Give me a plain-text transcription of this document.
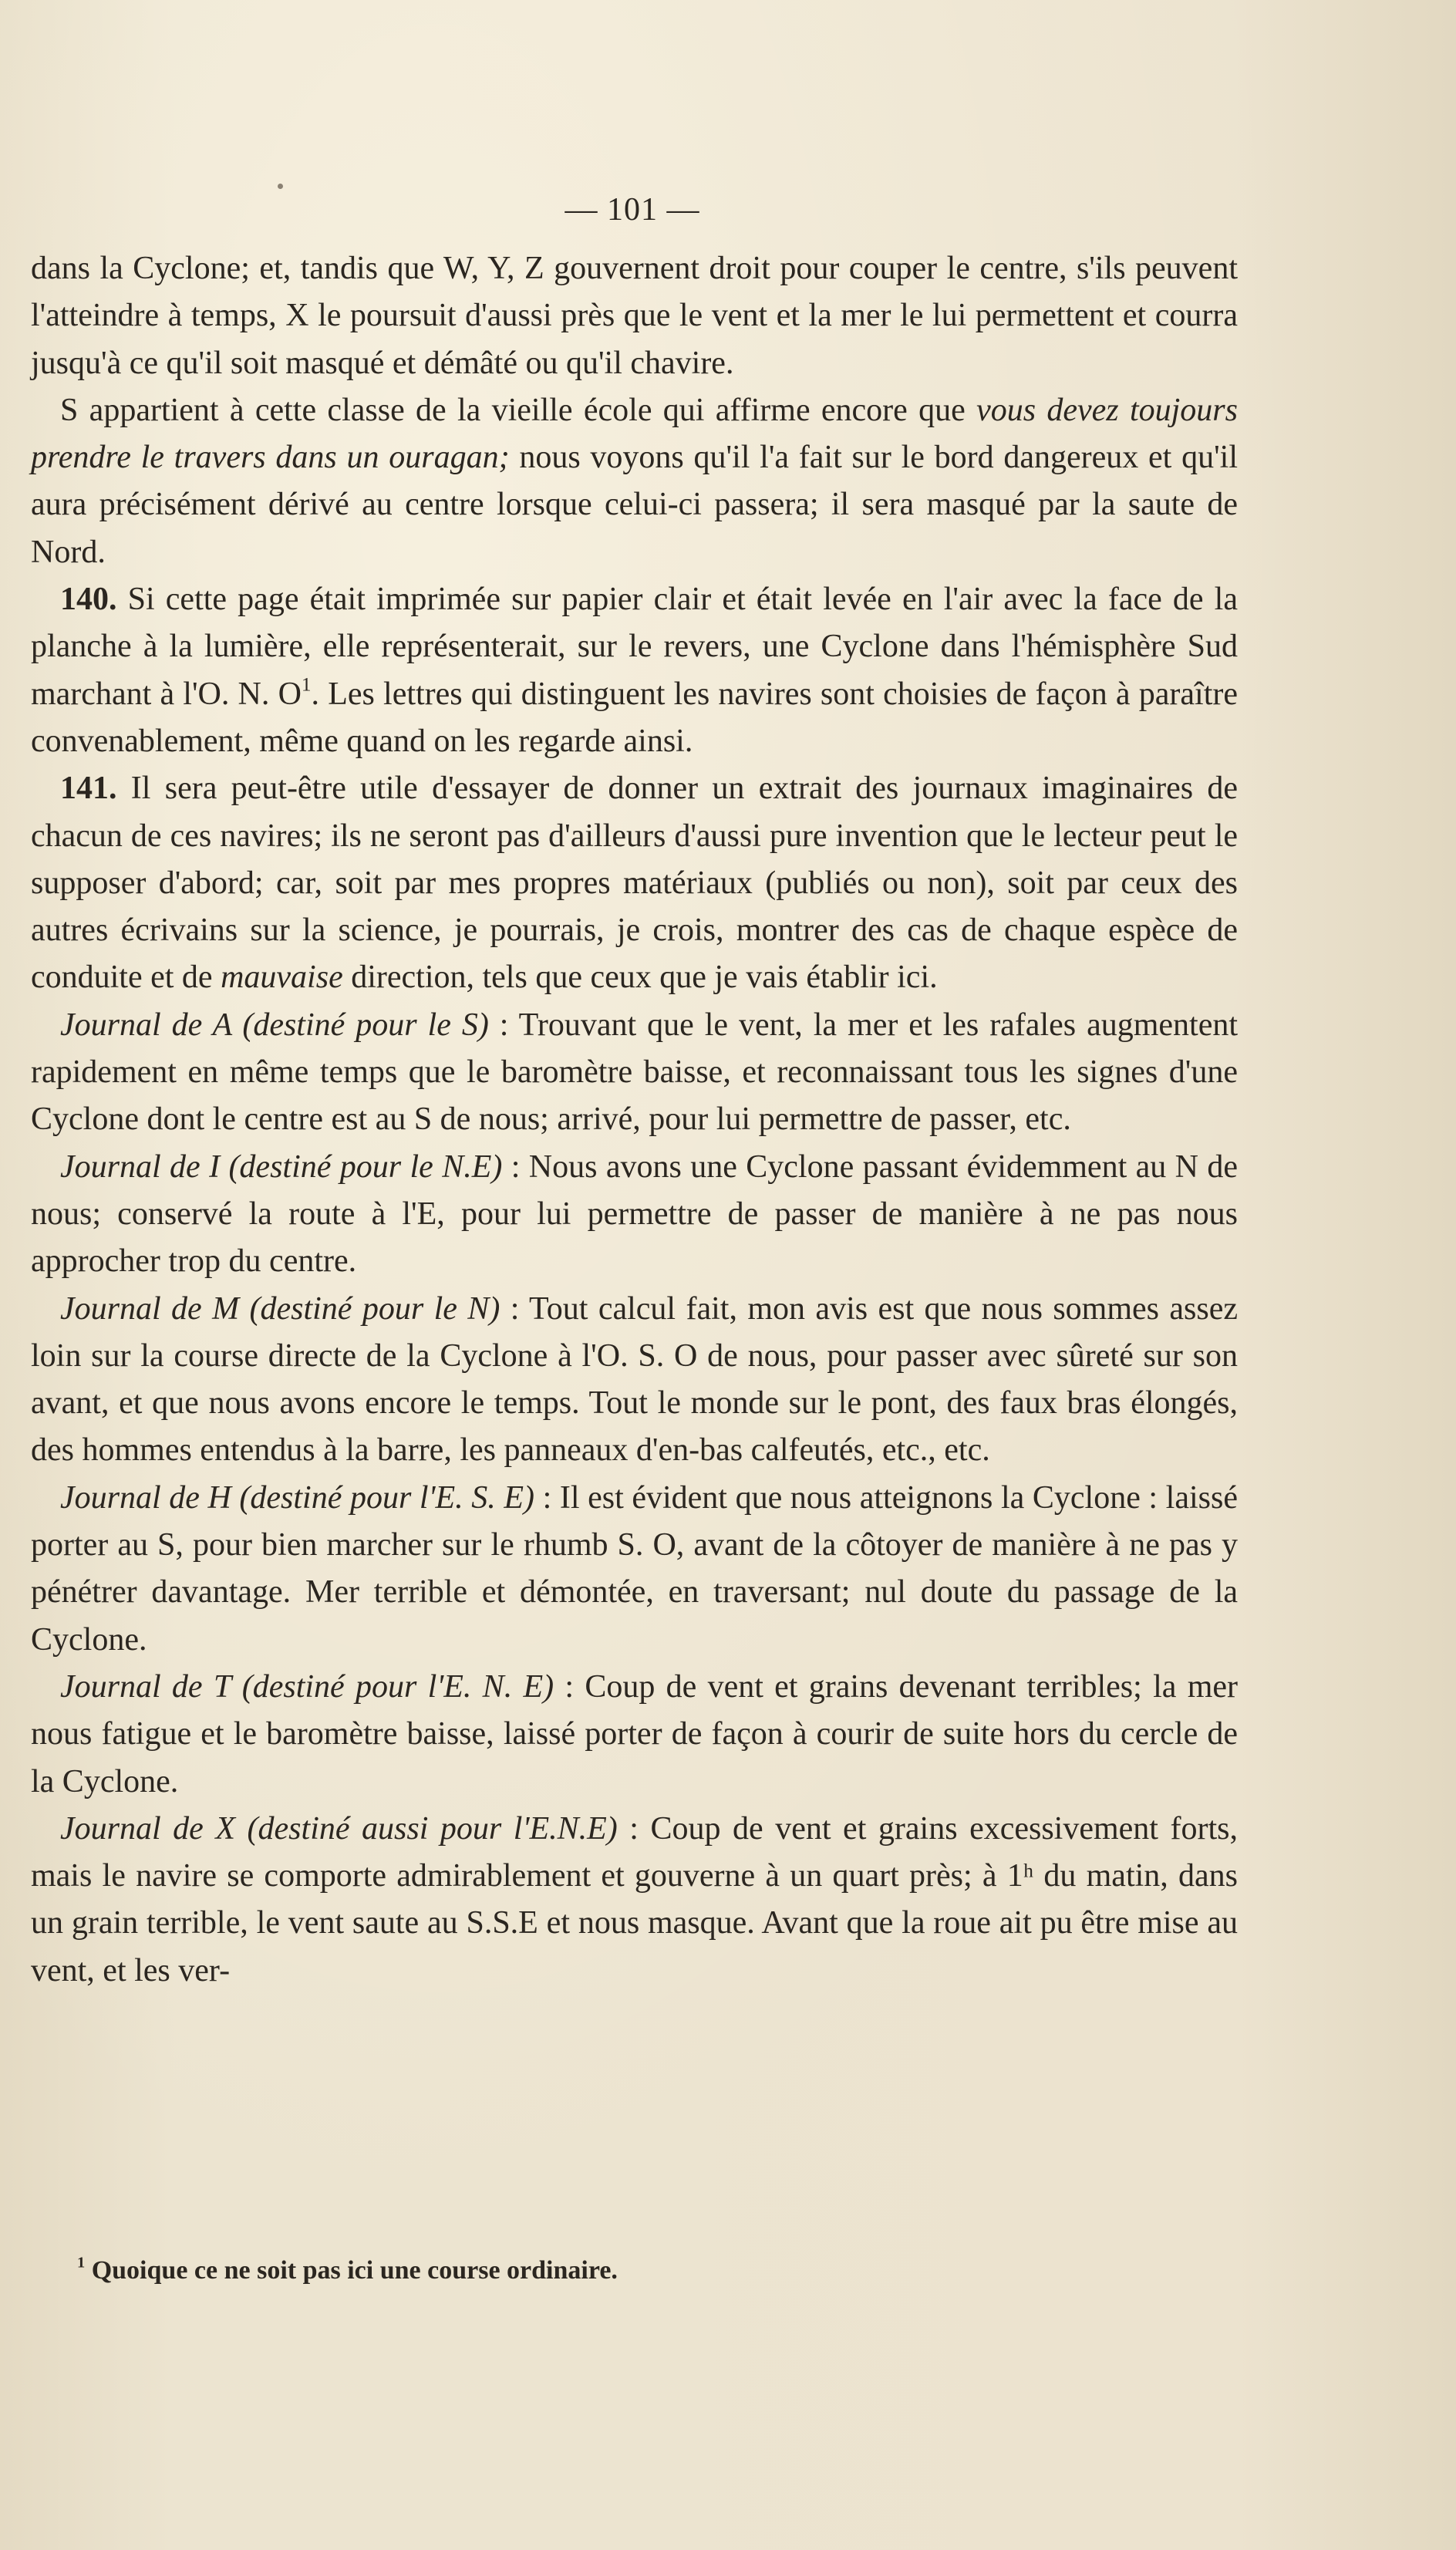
— 101 —

dans la Cyclone; et, tandis que W, Y, Z gouvernent droit pour couper le centre, s'ils peuvent l'atteindre à temps, X le poursuit d'aussi près que le vent et la mer le lui permettent et courra jusqu'à ce qu'il soit masqué et démâté ou qu'il chavire.

S appartient à cette classe de la vieille école qui affirme encore que vous devez toujours prendre le travers dans un ouragan; nous voyons qu'il l'a fait sur le bord dangereux et qu'il aura précisément dérivé au centre lorsque celui-ci passera; il sera masqué par la saute de Nord.

140. Si cette page était imprimée sur papier clair et était levée en l'air avec la face de la planche à la lumière, elle représenterait, sur le revers, une Cyclone dans l'hémisphère Sud marchant à l'O. N. $O^1$. Les lettres qui distinguent les navires sont choisies de façon à paraître convenablement, même quand on les regarde ainsi.

141. Il sera peut-être utile d'essayer de donner un extrait des journaux imaginaires de chacun de ces navires; ils ne seront pas d'ailleurs d'aussi pure invention que le lecteur peut le supposer d'abord; car, soit par mes propres matériaux (publiés ou non), soit par ceux des autres écrivains sur la science, je pourrais, je crois, montrer des cas de chaque espèce de conduite et de mauvaise direction, tels que ceux que je vais établir ici.

Journal de A (destiné pour le S) : Trouvant que le vent, la mer et les rafales augmentent rapidement en même temps que le baromètre baisse, et reconnaissant tous les signes d'une Cyclone dont le centre est au S de nous; arrivé, pour lui permettre de passer, etc.

Journal de I (destiné pour le N.E) : Nous avons une Cyclone passant évidemment au N de nous; conservé la route à l'E, pour lui permettre de passer de manière à ne pas nous approcher trop du centre.

Journal de M (destiné pour le N) : Tout calcul fait, mon avis est que nous sommes assez loin sur la course directe de la Cyclone à l'O. S. O de nous, pour passer avec sûreté sur son avant, et que nous avons encore le temps. Tout le monde sur le pont, des faux bras élongés, des hommes entendus à la barre, les panneaux d'en-bas calfeutés, etc., etc.

Journal de H (destiné pour l'E. S. E) : Il est évident que nous atteignons la Cyclone : laissé porter au S, pour bien marcher sur le rhumb S. O, avant de la côtoyer de manière à ne pas y pénétrer davantage. Mer terrible et démontée, en traversant; nul doute du passage de la Cyclone.

Journal de T (destiné pour l'E. N. E) : Coup de vent et grains devenant terribles; la mer nous fatigue et le baromètre baisse, laissé porter de façon à courir de suite hors du cercle de la Cyclone.

Journal de X (destiné aussi pour l'E.N.E) : Coup de vent et grains excessivement forts, mais le navire se comporte admirablement et gouverne à un quart près; à 1ʰ du matin, dans un grain terrible, le vent saute au S.S.E et nous masque. Avant que la roue ait pu être mise au vent, et les ver-

$^1$ Quoique ce ne soit pas ici une course ordinaire.
